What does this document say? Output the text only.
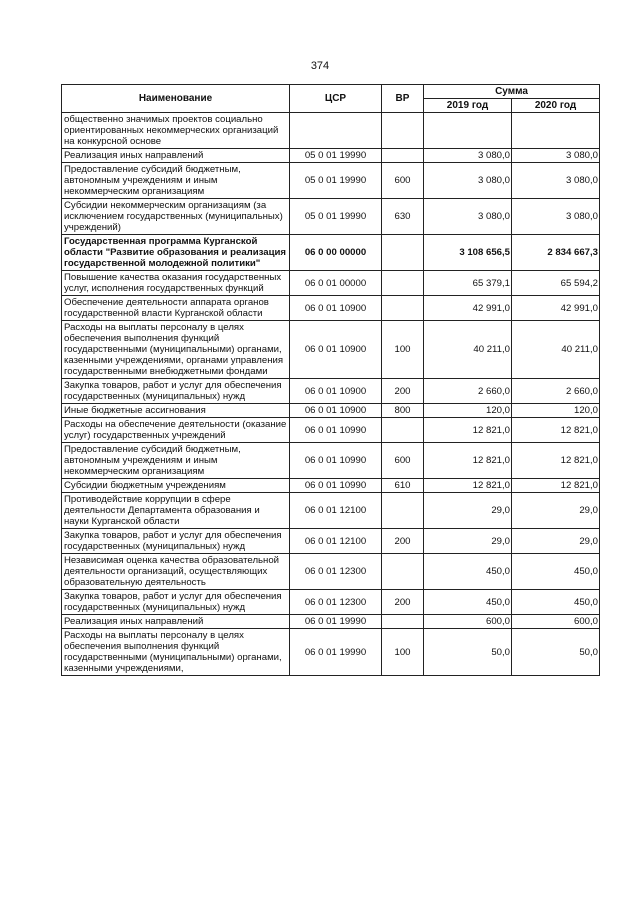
374
Наименование	ЦСР	ВР	Сумма	
			2019 год	2020 год
общественно значимых проектов социально ориентированных некоммерческих организаций на конкурсной основе				
Реализация иных направлений	05 0 01 19990		3 080,0	3 080,0
Предоставление субсидий бюджетным, автономным учреждениям и иным некоммерческим организациям	05 0 01 19990	600	3 080,0	3 080,0
Субсидии некоммерческим организациям (за исключением государственных (муниципальных) учреждений)	05 0 01 19990	630	3 080,0	3 080,0
Государственная программа Курганской области "Развитие образования и реализация государственной молодежной политики"	06 0 00 00000		3 108 656,5	2 834 667,3
Повышение качества оказания государственных услуг, исполнения государственных функций	06 0 01 00000		65 379,1	65 594,2
Обеспечение деятельности аппарата органов государственной власти Курганской области	06 0 01 10900		42 991,0	42 991,0
Расходы на выплаты персоналу в целях обеспечения выполнения функций государственными (муниципальными) органами, казенными учреждениями, органами управления государственными внебюджетными фондами	06 0 01 10900	100	40 211,0	40 211,0
Закупка товаров, работ и услуг для обеспечения государственных (муниципальных) нужд	06 0 01 10900	200	2 660,0	2 660,0
Иные бюджетные ассигнования	06 0 01 10900	800	120,0	120,0
Расходы на обеспечение деятельности (оказание услуг) государственных учреждений	06 0 01 10990		12 821,0	12 821,0
Предоставление субсидий бюджетным, автономным учреждениям и иным некоммерческим организациям	06 0 01 10990	600	12 821,0	12 821,0
Субсидии бюджетным учреждениям	06 0 01 10990	610	12 821,0	12 821,0
Противодействие коррупции в сфере деятельности Департамента образования и науки Курганской области	06 0 01 12100		29,0	29,0
Закупка товаров, работ и услуг для обеспечения государственных (муниципальных) нужд	06 0 01 12100	200	29,0	29,0
Независимая оценка качества образовательной деятельности организаций, осуществляющих образовательную деятельность	06 0 01 12300		450,0	450,0
Закупка товаров, работ и услуг для обеспечения государственных (муниципальных) нужд	06 0 01 12300	200	450,0	450,0
Реализация иных направлений	06 0 01 19990		600,0	600,0
Расходы на выплаты персоналу в целях обеспечения выполнения функций государственными (муниципальными) органами, казенными учреждениями,	06 0 01 19990	100	50,0	50,0
